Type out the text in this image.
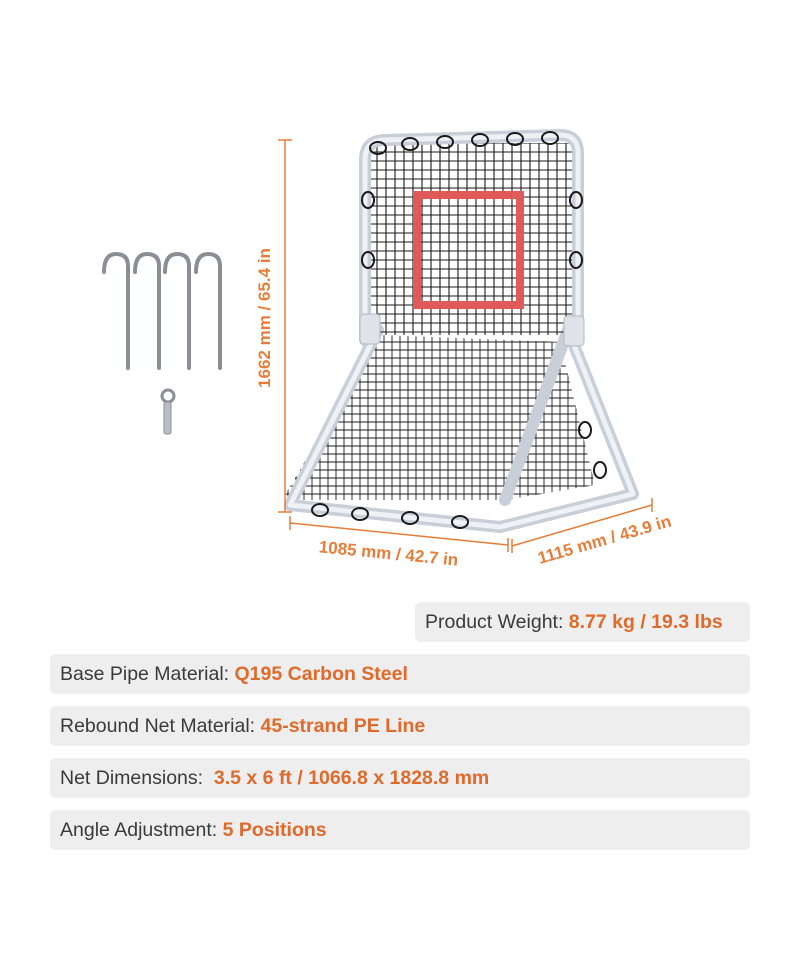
1662 mm / 65.4 in
1085 mm / 42.7 in	1115 mm / 43.9 in
Product Weight: 8.77 kg / 19.3 lbs
Base Pipe Material: Q195 Carbon Steel
Rebound Net Material: 45-strand PE Line
Net Dimensions: 3.5 x 6 ft / 1066.8 x 1828.8 mm
Angle Adjustment: 5 Positions
